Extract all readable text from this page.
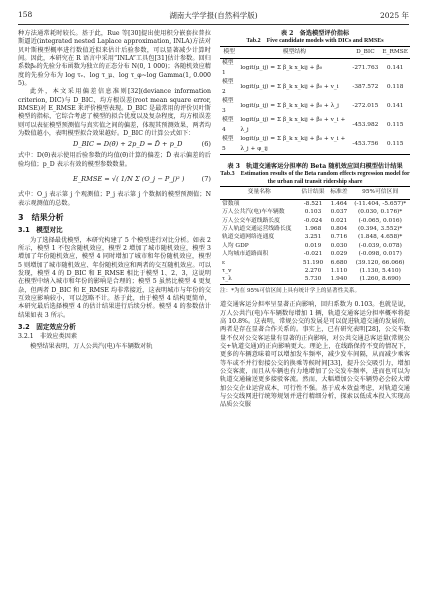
158	湖南大学学报(自然科学版)	2025 年

种方法通常耗时较长。基于此，Rue 等[30]提出使用积分嵌套拉普拉斯逼近(integrated nested Laplace approximation, INLA)方法对贝叶斯模型概率进行数值近似来估计后验参数，可以显著减少计算时间。因此，本研究在 R 语言中采用“INLA”工具包[31]估计参数。回归系数β₀的先验分布函数为独立的正态分布 N(0, 1 000)；各随机效应精度的先验分布为 log τᵥ、log τ_μ、log τ_φ~log Gamma(1, 0.000 5)。

此外，本文采用偏差信息准则[32](deviance information criterion, DIC)与 D_BIC、均方根误差(root mean square error, RMSE)对 E_RMSE 来评价模型表现。D_BIC 是最常用的评价贝叶斯模型的指标，它综合考虑了模型的拟合优度以及复杂程度，均方根误差则可以表征模型预测值与真实值之间的偏差，体现其预测效果，两者均为数值越小，表明模型拟合效果越好。D_BIC 的计算公式如下：

D_BIC = D(θ̄) + 2p_D = D̄ + p_D	(6)

式中：D(θ̄)表示使用后验参数的均值(θ̄)计算的偏差；D̄ 表示偏差的后验均值；p_D 表示有效的模型参数数量。

E_RMSE = √( 1/N Σ (O_j − P_j)² )	(7)

式中：O_j 表示第 j 个观测值；P_j 表示第 j 个数据的模型预测值；N 表示观测值的总数。

3　结果分析
3.1　模型对比

为了选择最优模型，本研究构建了 5 个模型进行对比分析。如表 2 所示，模型 1 不包含随机效应，模型 2 增加了城市随机效应，模型 3 增加了年份随机效应，模型 4 同时增加了城市和年份随机效应，模型 5 则增加了城市随机效应、年份随机效应和两者的交互随机效应。可以发现，模型 4 的 D_BIC 和 E_RMSE 相比于模型 1、2、3，这说明在模型中纳入城市和年份的影响是合理的；模型 5 虽然比模型 4 更复杂，但两者 D_BIC 和 E_RMSE 均非常接近，这表明城市与年份的交互效应影响较小，可以忽略不计。基于此，由于模型 4 结构更简单，本研究最后选择模型 4 的估计结果进行后续分析。模型 4 的参数估计结果如表 3 所示。

3.2　固定效应分析
3.2.1　非效应类因素

模型结果表明，万人公共汽(电)车车辆数对轨

表 2　备选模型评价指标
Tab.2　Five candidate models with DICs and RMSEs
模型	模型结构	D_BIC	E_RMSE
模型 1	logit(μ_ij) = Σ β_k x_kij + β₀	-271.763	0.141
模型 2	logit(μ_ij) = Σ β_k x_kij + β₀ + v_i	-387.572	0.118
模型 3	logit(μ_ij) = Σ β_k x_kij + β₀ + λ_j	-272.015	0.141
模型 4	logit(μ_ij) = Σ β_k x_kij + β₀ + v_i + λ_j	-453.982	0.115
模型 5	logit(μ_ij) = Σ β_k x_kij + β₀ + v_i + λ_j + φ_ij	-453.756	0.115
表 3　轨道交通客运分担率的 Beta 随机效应回归模型估计结果
Tab.3　Estimation results of the Beta random effects regression model for the urban rail transit ridership share
变量名称	估计结果	标准差	95%可信区间
常数项	-8.521	1.464	(-11.404, -5.657)*
万人公共汽(电)车车辆数	0.103	0.037	(0.030, 0.176)*
万人公交车道线路长度	-0.024	0.021	(-0.065, 0.016)
万人轨道交通运营线路长度	1.968	0.804	(0.394, 3.552)*
轨道交通网络连通度	3.251	0.716	(1.848, 4.658)*
人均 GDP	0.019	0.030	(-0.039, 0.078)
人均城市道路面积	-0.021	0.029	(-0.098, 0.017)
ε	51.190	6.680	(39.120, 66.066)
τ_v	2.270	1.110	(1.130, 5.410)
τ_λ	5.730	1.940	(1.260, 8.690)
注：*为在 95%可信区间上具有统计学上的显著性关系。

道交通客运分担率呈显著正向影响，回归系数为 0.103。也就是说，万人公共汽(电)车车辆数每增加 1 辆，轨道交通客运分担率概率将提高 10.8%。这表明，常规公交的发展是可以促进轨道交通的发展的，两者是存在显著合作关系的。事实上，已有研究表明[28]，公交车数量不仅对公交客运量有显著的正向影响，对公共交通总客运量(常规公交+轨道交通)的正向影响更大。理论上，在线路保持不变的情况下，更多的车辆意味着可以增加发车频率，减少发车间隔，从而减少乘客等车或不并行衔接公交的换乘等候时间[33]，提升公交吸引力，增加公交客流，而且从车辆也有力地增加了公交发车频率，进而也可以为轨道交通输送更多接驳客流。然而，大幅增加公交车辆势必会较大增加公交企业运营成本，可行性不强。基于成本效益考虑，对轨道交通与公交线网进行统筹规划并进行精细分析，探索以低成本投入实现高品质公交服
